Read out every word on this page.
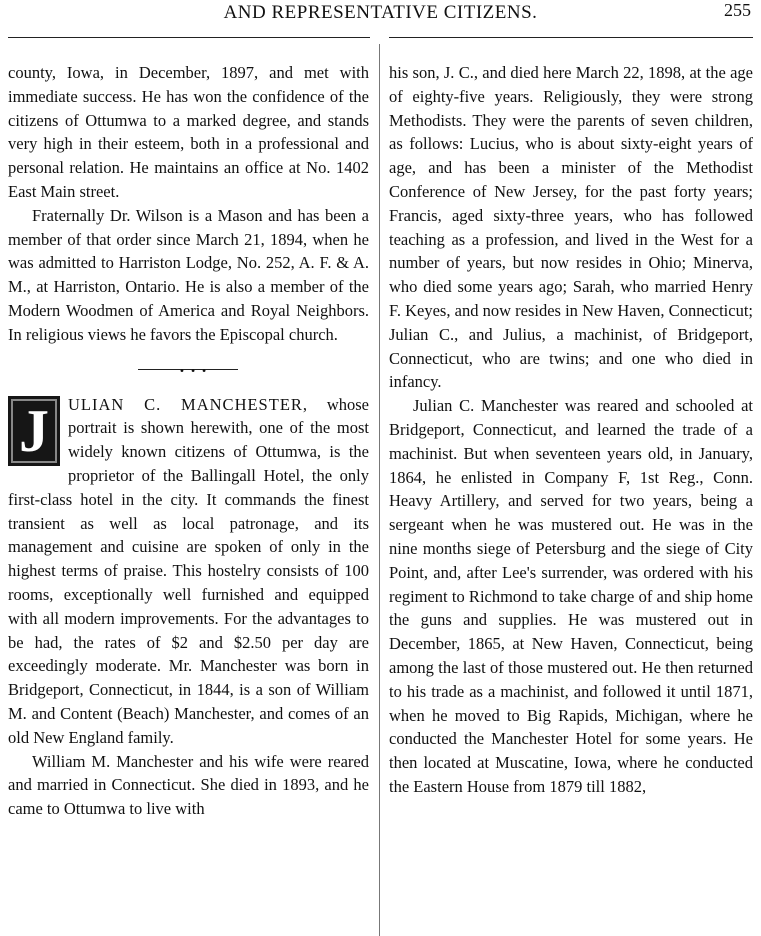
AND REPRESENTATIVE CITIZENS.	255

county, Iowa, in December, 1897, and met with immediate success. He has won the confidence of the citizens of Ottumwa to a marked degree, and stands very high in their esteem, both in a professional and personal relation. He maintains an office at No. 1402 East Main street.

Fraternally Dr. Wilson is a Mason and has been a member of that order since March 21, 1894, when he was admitted to Harriston Lodge, No. 252, A. F. & A. M., at Harriston, Ontario. He is also a member of the Modern Woodmen of America and Royal Neighbors. In religious views he favors the Episcopal church.

• • •

J	ULIAN C. MANCHESTER, whose portrait is shown herewith, one of the most widely known citizens of Ottumwa, is the proprietor of the Ballingall Hotel, the only first-class hotel in the city. It commands the finest transient as well as local patronage, and its management and cuisine are spoken of only in the highest terms of praise. This hostelry consists of 100 rooms, exceptionally well furnished and equipped with all modern improvements. For the advantages to be had, the rates of $2 and $2.50 per day are exceedingly moderate. Mr. Manchester was born in Bridgeport, Connecticut, in 1844, is a son of William M. and Content (Beach) Manchester, and comes of an old New England family.

William M. Manchester and his wife were reared and married in Connecticut. She died in 1893, and he came to Ottumwa to live with

his son, J. C., and died here March 22, 1898, at the age of eighty-five years. Religiously, they were strong Methodists. They were the parents of seven children, as follows: Lucius, who is about sixty-eight years of age, and has been a minister of the Methodist Conference of New Jersey, for the past forty years; Francis, aged sixty-three years, who has followed teaching as a profession, and lived in the West for a number of years, but now resides in Ohio; Minerva, who died some years ago; Sarah, who married Henry F. Keyes, and now resides in New Haven, Connecticut; Julian C., and Julius, a machinist, of Bridgeport, Connecticut, who are twins; and one who died in infancy.

Julian C. Manchester was reared and schooled at Bridgeport, Connecticut, and learned the trade of a machinist. But when seventeen years old, in January, 1864, he enlisted in Company F, 1st Reg., Conn. Heavy Artillery, and served for two years, being a sergeant when he was mustered out. He was in the nine months siege of Petersburg and the siege of City Point, and, after Lee's surrender, was ordered with his regiment to Richmond to take charge of and ship home the guns and supplies. He was mustered out in December, 1865, at New Haven, Connecticut, being among the last of those mustered out. He then returned to his trade as a machinist, and followed it until 1871, when he moved to Big Rapids, Michigan, where he conducted the Manchester Hotel for some years. He then located at Muscatine, Iowa, where he conducted the Eastern House from 1879 till 1882,
